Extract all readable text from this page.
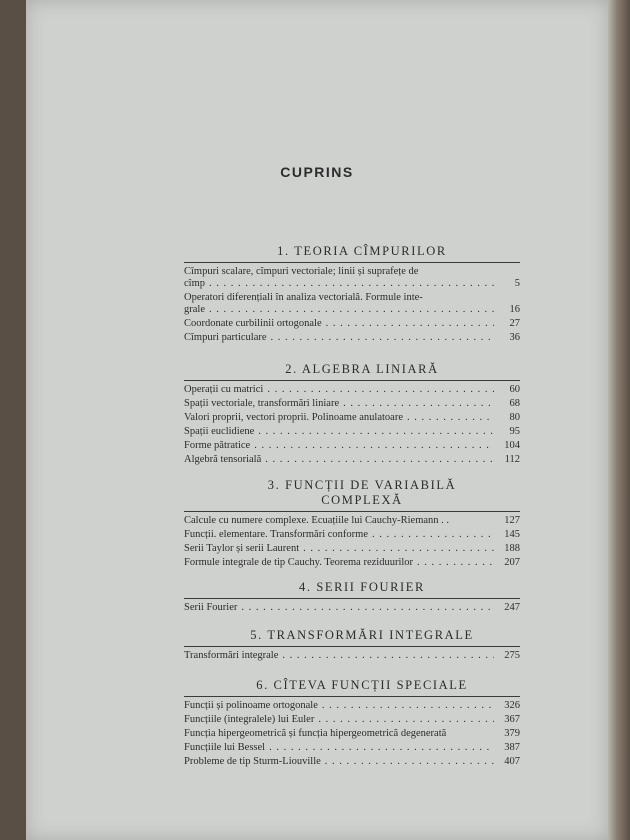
CUPRINS
1. TEORIA CÎMPURILOR
Cîmpuri scalare, cîmpuri vectoriale; linii și suprafețe de
cîmp . . .	5
Operatori diferențiali în analiza vectorială. Formule inte-
grale . . .	16
Coordonate curbilinii ortogonale . . .	27
Cîmpuri particulare . . .	36
2. ALGEBRA LINIARĂ
Operații cu matrici . . .	60
Spații vectoriale, transformări liniare . . .	68
Valori proprii, vectori proprii. Polinoame anulatoare . . .	80
Spații euclidiene . . .	95
Forme pătratice . . .	104
Algebră tensorială . . .	112
3. FUNCȚII DE VARIABILĂ
COMPLEXĂ
Calcule cu numere complexe. Ecuațiile lui Cauchy-Riemann . .	127
Funcții. elementare. Transformări conforme . . .	145
Serii Taylor și serii Laurent . . .	188
Formule integrale de tip Cauchy. Teorema reziduurilor . . .	207
4. SERII FOURIER
Serii Fourier . . .	247
5. TRANSFORMĂRI INTEGRALE
Transformări integrale . . .	275
6. CÎTEVA FUNCȚII SPECIALE
Funcții și polinoame ortogonale . . .	326
Funcțiile (integralele) lui Euler . . .	367
Funcția hipergeometrică și funcția hipergeometrică degenerată	379
Funcțiile lui Bessel . . .	387
Probleme de tip Sturm-Liouville . . .	407
